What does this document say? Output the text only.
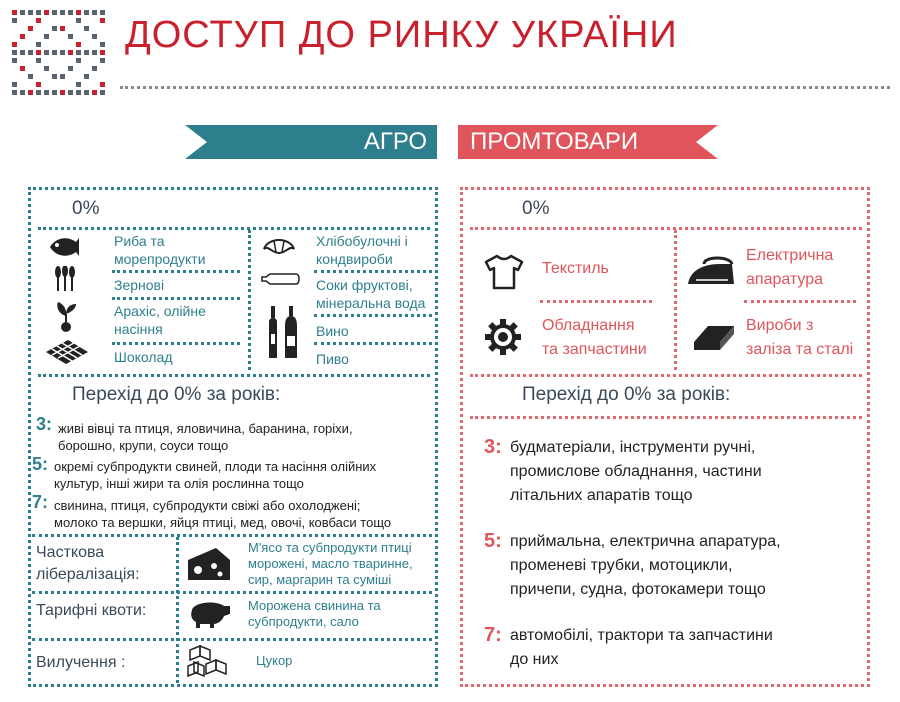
ДОСТУП ДО РИНКУ УКРАЇНИ
АГРО ПРОМТОВАРИ
0%
Риба та
морепродукти
Зернові
Арахіс, олійне
насіння
Шоколад
Хлібобулочні і
кондвироби
Соки фруктові,
мінеральна вода
Вино
Пиво
Перехід до 0% за років:
3: живі вівці та птиця, яловичина, баранина, горіхи,
борошно, крупи, соуси тощо
5: окремі субпродукти свиней, плоди та насіння олійних
культур, інші жири та олія рослинна тощо
7: свинина, птиця, субпродукти свіжі або охолоджені;
молоко та вершки, яйця птиці, мед, овочі, ковбаси тощо
Часткова
лібералізація:
М'ясо та субпродукти птиці
морожені, масло тваринне,
сир, маргарин та суміші
Тарифні квоти:	Морожена свинина та
субпродукти, сало
Вилучення :	Цукор
0%
Текстиль
Електрична
апаратура
Обладнання
та запчастини
Вироби з
заліза та сталі
Перехід до 0% за років:
3: будматеріали, інструменти ручні,
промислове обладнання, частини
літальних апаратів тощо
5: приймальна, електрична апаратура,
променеві трубки, мотоцикли,
причепи, судна, фотокамери тощо
7: автомобілі, трактори та запчастини
до них
